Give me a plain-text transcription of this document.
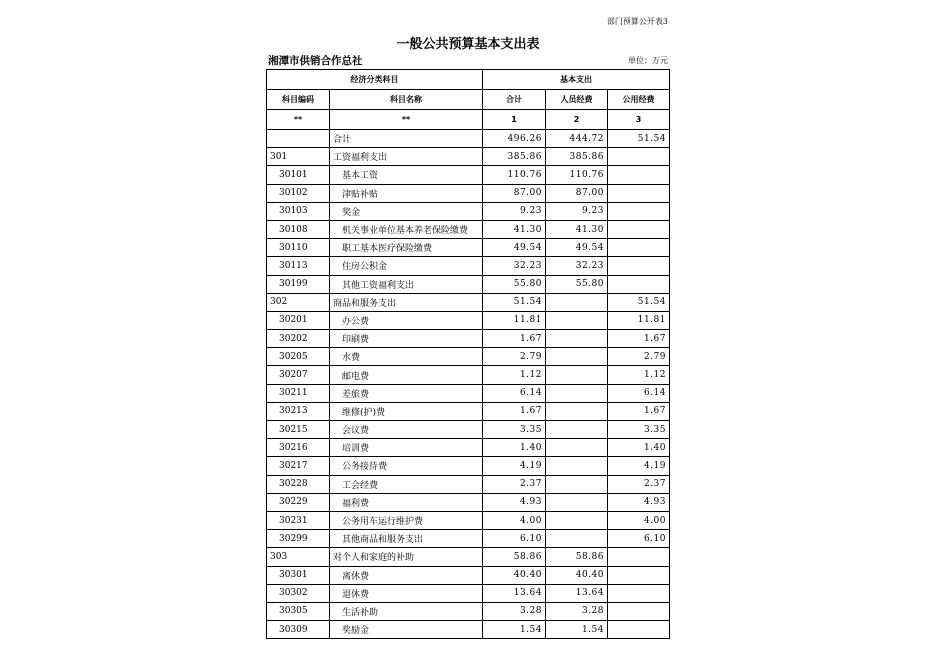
部门预算公开表3
一般公共预算基本支出表
湘潭市供销合作总社	单位：万元
经济分类科目		基本支出		
科目编码	科目名称	合计	人员经费	公用经费
**	**	1	2	3
	合计	496.26	444.72	51.54
301	工资福利支出	385.86	385.86	
30101	基本工资	110.76	110.76	
30102	津贴补贴	87.00	87.00	
30103	奖金	9.23	9.23	
30108	机关事业单位基本养老保险缴费	41.30	41.30	
30110	职工基本医疗保险缴费	49.54	49.54	
30113	住房公积金	32.23	32.23	
30199	其他工资福利支出	55.80	55.80	
302	商品和服务支出	51.54		51.54
30201	办公费	11.81		11.81
30202	印刷费	1.67		1.67
30205	水费	2.79		2.79
30207	邮电费	1.12		1.12
30211	差旅费	6.14		6.14
30213	维修(护)费	1.67		1.67
30215	会议费	3.35		3.35
30216	培训费	1.40		1.40
30217	公务接待费	4.19		4.19
30228	工会经费	2.37		2.37
30229	福利费	4.93		4.93
30231	公务用车运行维护费	4.00		4.00
30299	其他商品和服务支出	6.10		6.10
303	对个人和家庭的补助	58.86	58.86	
30301	离休费	40.40	40.40	
30302	退休费	13.64	13.64	
30305	生活补助	3.28	3.28	
30309	奖励金	1.54	1.54	
